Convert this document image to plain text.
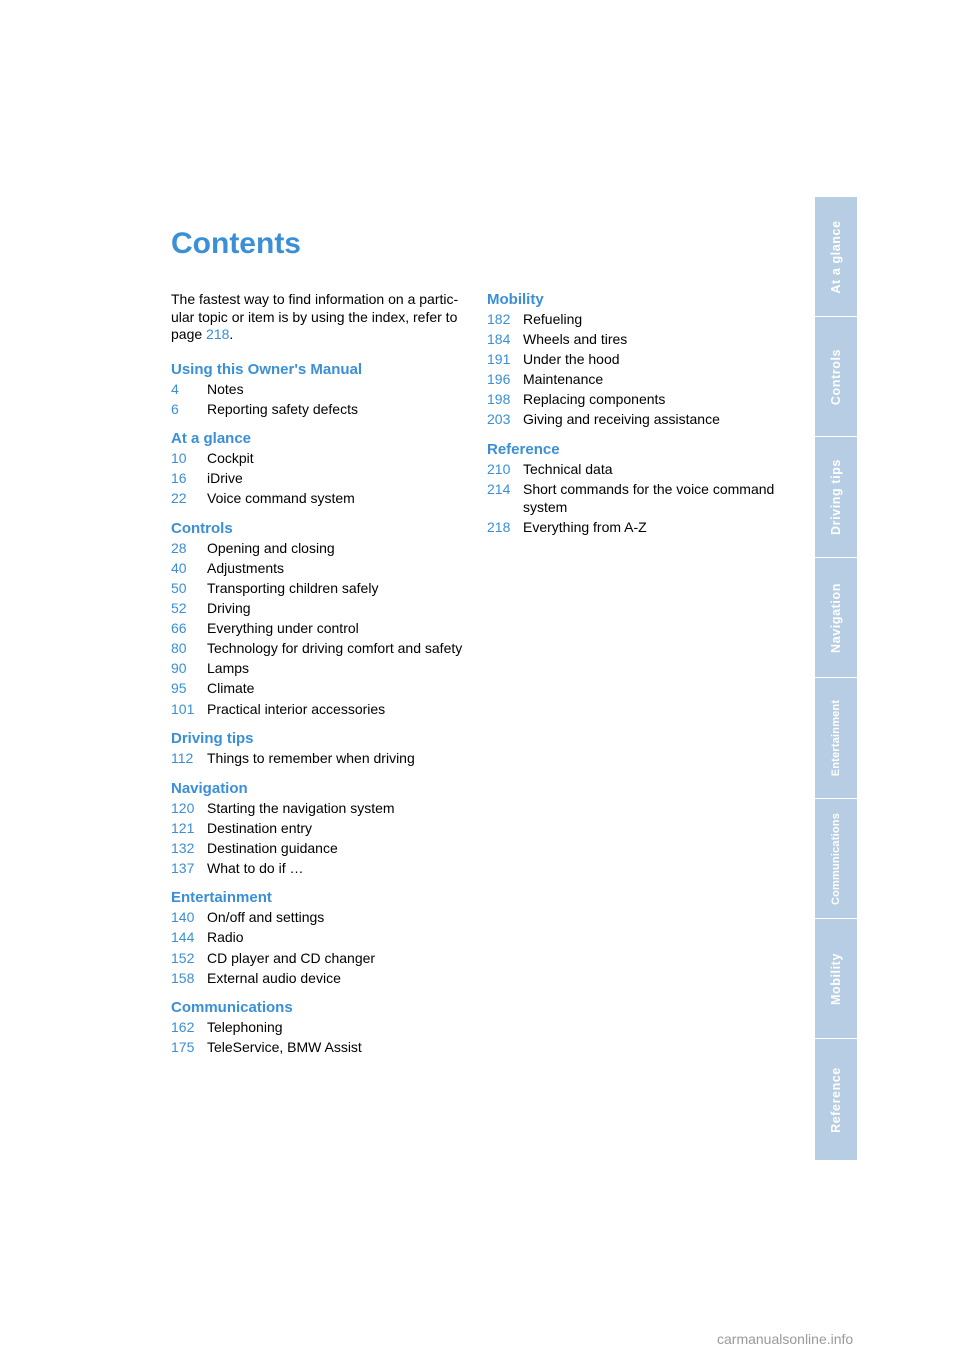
Contents

The fastest way to find information on a partic-ular topic or item is by using the index, refer to page 218.

Using this Owner's Manual
4	Notes
6	Reporting safety defects
At a glance
10	Cockpit
16	iDrive
22	Voice command system
Controls
28	Opening and closing
40	Adjustments
50	Transporting children safely
52	Driving
66	Everything under control
80	Technology for driving comfort and safety
90	Lamps
95	Climate
101 Practical interior accessories
Driving tips
112 Things to remember when driving
Navigation
120 Starting the navigation system
121 Destination entry
132 Destination guidance
137 What to do if …
Entertainment
140 On/off and settings
144 Radio
152 CD player and CD changer
158 External audio device
Communications
162 Telephoning
175 TeleService, BMW Assist
Mobility
182 Refueling
184 Wheels and tires
191 Under the hood
196 Maintenance
198 Replacing components
203 Giving and receiving assistance
Reference
210 Technical data
214 Short commands for the voice command system
218 Everything from A-Z
At a glance
Controls
Driving tips
Navigation
Entertainment
Communications
Mobility
Reference
carmanualsonline.info
